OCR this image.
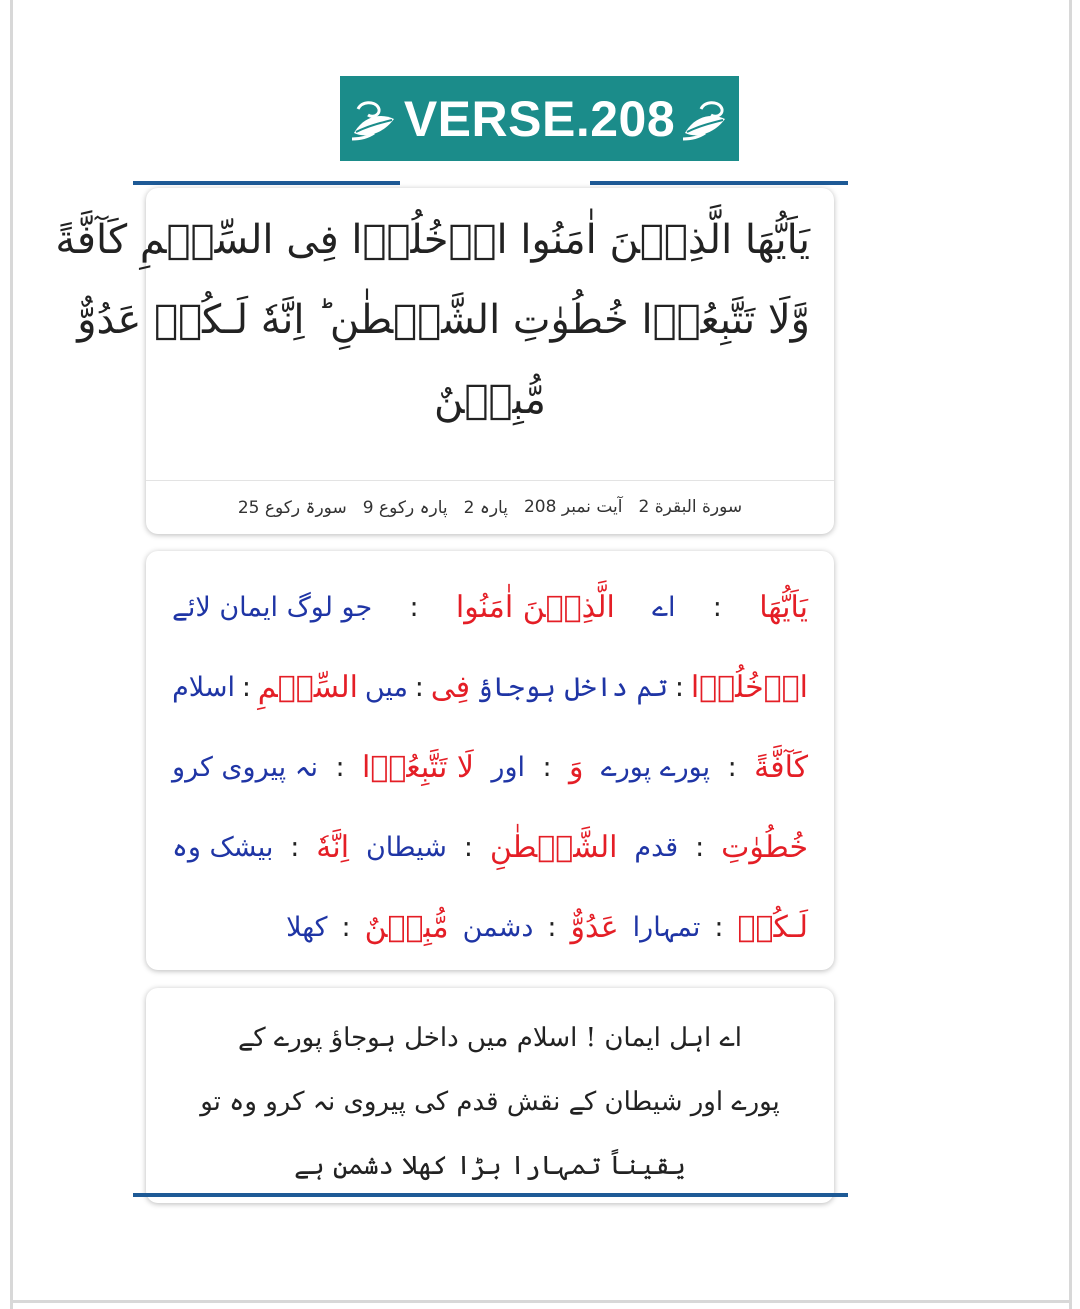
VERSE.208
يَاَيُّهَا الَّذِيۡنَ اٰمَنُوا ادۡخُلُوۡا فِى السِّلۡمِ كَآفَّةً
وَّلَا تَتَّبِعُوۡا خُطُوٰتِ الشَّيۡطٰنِ ؕ اِنَّهٗ لَـكُمۡ عَدُوٌّ
مُّبِيۡنٌ
سورة البقرة 2
آیت نمبر 208
پارہ 2
پارہ رکوع 9
سورۃ رکوع 25
يَاَيُّهَا
:
اے
الَّذِيۡنَ اٰمَنُوا
:
جو لوگ ایمان لائے
ادۡخُلُوۡا
:
تم داخل ہوجاؤ
فِى
:
میں
السِّلۡمِ
:
اسلام
كَآفَّةً
:
پورے پورے
وَ
:
اور
لَا تَتَّبِعُوۡا
:
نہ پیروی کرو
خُطُوٰتِ
:
قدم
الشَّيۡطٰنِ
:
شیطان
اِنَّهٗ
:
بیشک وہ
لَـكُمۡ
:
تمہارا
عَدُوٌّ
:
دشمن
مُّبِيۡنٌ
:
کھلا
اے اہل ایمان ! اسلام میں داخل ہوجاؤ پورے کے
پورے اور شیطان کے نقش قدم کی پیروی نہ کرو وہ تو
یقیناً تمہارا بڑا کھلا دشمن ہے
